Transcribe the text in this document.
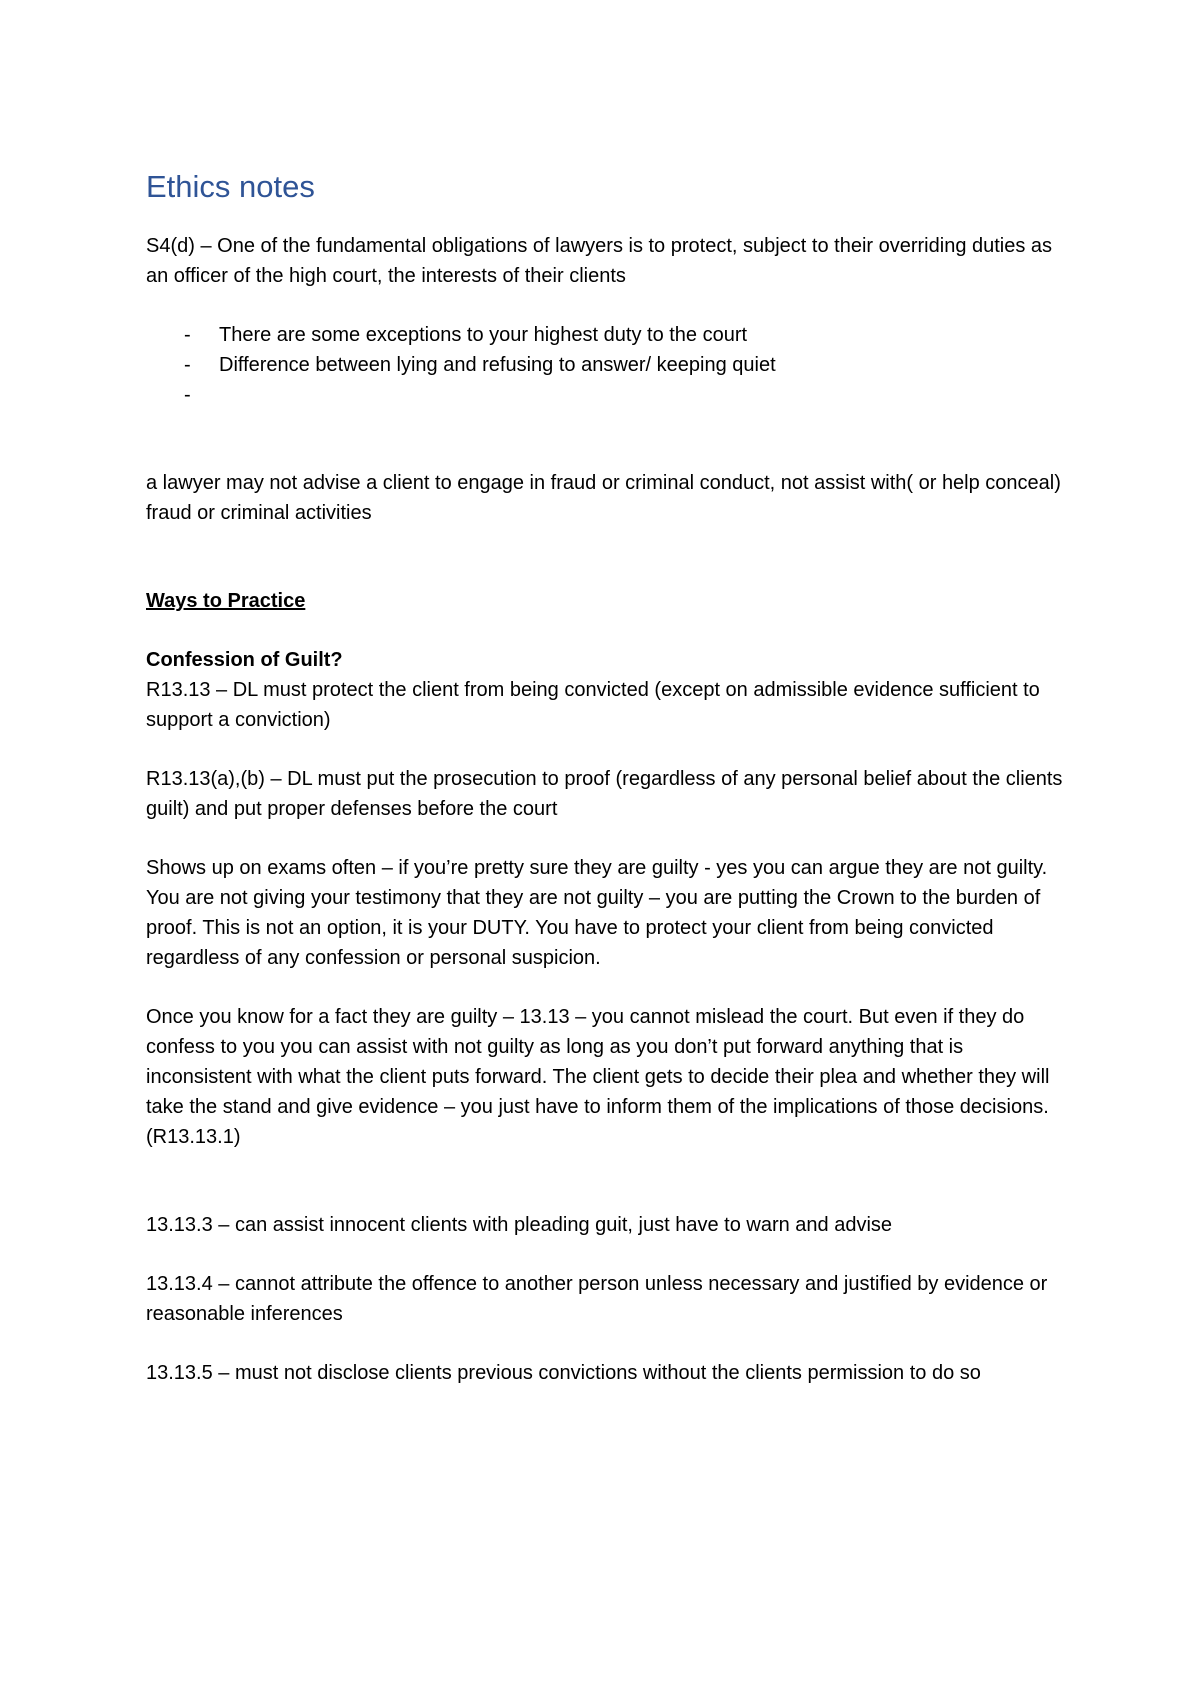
Ethics notes

S4(d) – One of the fundamental obligations of lawyers is to protect, subject to their overriding duties as an officer of the high court, the interests of their clients

- There are some exceptions to your highest duty to the court
- Difference between lying and refusing to answer/ keeping quiet
-

a lawyer may not advise a client to engage in fraud or criminal conduct, not assist with( or help conceal) fraud or criminal activities

Ways to Practice

Confession of Guilt?

R13.13 – DL must protect the client from being convicted (except on admissible evidence sufficient to support a conviction)

R13.13(a),(b) – DL must put the prosecution to proof (regardless of any personal belief about the clients guilt) and put proper defenses before the court

Shows up on exams often – if you’re pretty sure they are guilty - yes you can argue they are not guilty. You are not giving your testimony that they are not guilty – you are putting the Crown to the burden of proof. This is not an option, it is your DUTY. You have to protect your client from being convicted regardless of any confession or personal suspicion.

Once you know for a fact they are guilty – 13.13 – you cannot mislead the court. But even if they do confess to you you can assist with not guilty as long as you don’t put forward anything that is inconsistent with what the client puts forward. The client gets to decide their plea and whether they will take the stand and give evidence – you just have to inform them of the implications of those decisions. (R13.13.1)

13.13.3 – can assist innocent clients with pleading guit, just have to warn and advise

13.13.4 – cannot attribute the offence to another person unless necessary and justified by evidence or reasonable inferences

13.13.5 – must not disclose clients previous convictions without the clients permission to do so
